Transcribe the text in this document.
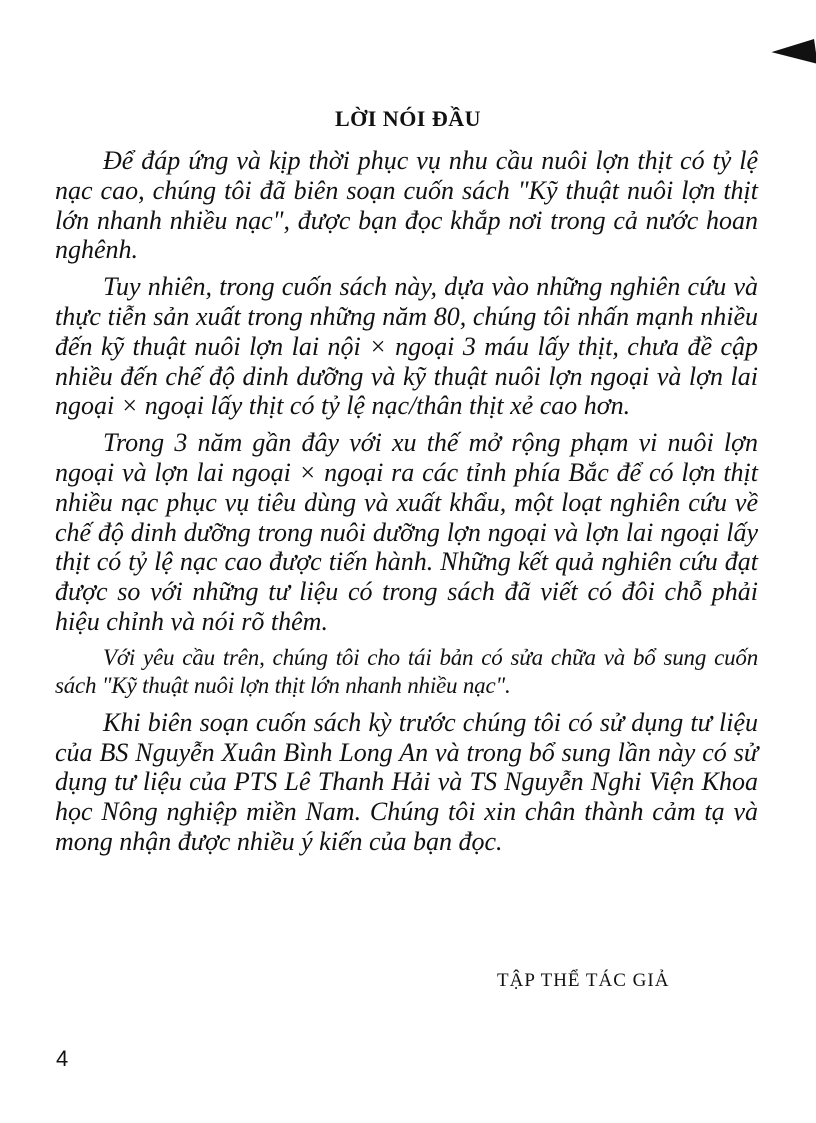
LỜI NÓI ĐẦU

Để đáp ứng và kịp thời phục vụ nhu cầu nuôi lợn thịt có tỷ lệ nạc cao, chúng tôi đã biên soạn cuốn sách "Kỹ thuật nuôi lợn thịt lớn nhanh nhiều nạc", được bạn đọc khắp nơi trong cả nước hoan nghênh.

Tuy nhiên, trong cuốn sách này, dựa vào những nghiên cứu và thực tiễn sản xuất trong những năm 80, chúng tôi nhấn mạnh nhiều đến kỹ thuật nuôi lợn lai nội × ngoại 3 máu lấy thịt, chưa đề cập nhiều đến chế độ dinh dưỡng và kỹ thuật nuôi lợn ngoại và lợn lai ngoại × ngoại lấy thịt có tỷ lệ nạc/thân thịt xẻ cao hơn.

Trong 3 năm gần đây với xu thế mở rộng phạm vi nuôi lợn ngoại và lợn lai ngoại × ngoại ra các tỉnh phía Bắc để có lợn thịt nhiều nạc phục vụ tiêu dùng và xuất khẩu, một loạt nghiên cứu về chế độ dinh dưỡng trong nuôi dưỡng lợn ngoại và lợn lai ngoại lấy thịt có tỷ lệ nạc cao được tiến hành. Những kết quả nghiên cứu đạt được so với những tư liệu có trong sách đã viết có đôi chỗ phải hiệu chỉnh và nói rõ thêm.

Với yêu cầu trên, chúng tôi cho tái bản có sửa chữa và bổ sung cuốn sách "Kỹ thuật nuôi lợn thịt lớn nhanh nhiều nạc".

Khi biên soạn cuốn sách kỳ trước chúng tôi có sử dụng tư liệu của BS Nguyễn Xuân Bình Long An và trong bổ sung lần này có sử dụng tư liệu của PTS Lê Thanh Hải và TS Nguyễn Nghi Viện Khoa học Nông nghiệp miền Nam. Chúng tôi xin chân thành cảm tạ và mong nhận được nhiều ý kiến của bạn đọc.

TẬP THỂ TÁC GIẢ
4
